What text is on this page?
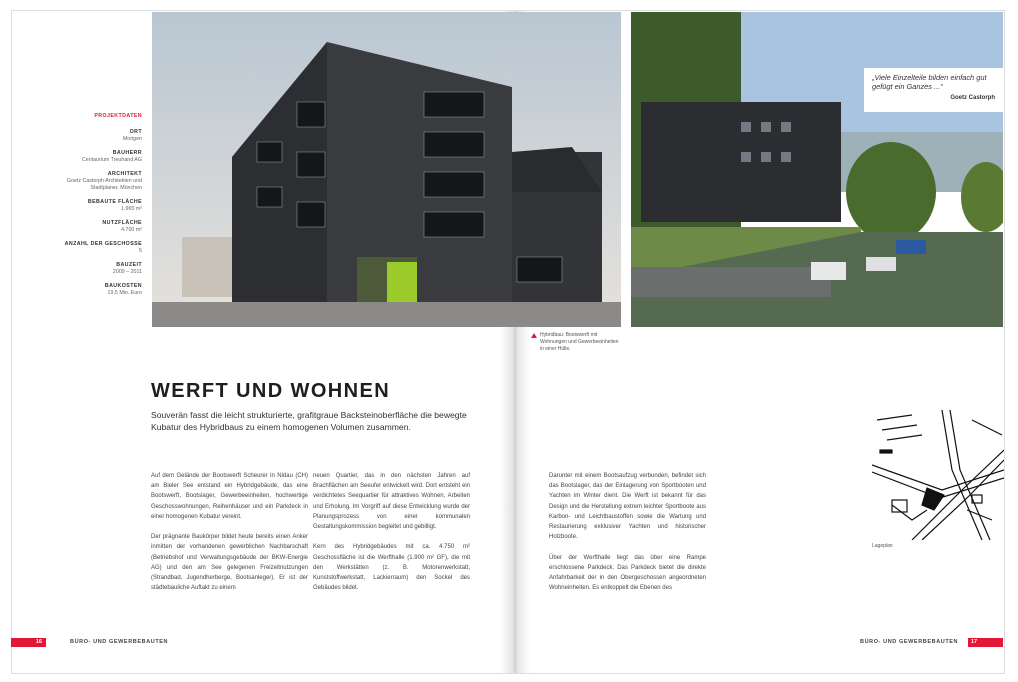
PROJEKTDATEN
ORT
Morigen
BAUHERR
Centaurium Treuhand AG
ARCHITEKT
Goetz Castorph Architekten und Stadtplaner, München
BEBAUTE FLÄCHE
1.965 m²
NUTZFLÄCHE
4.700 m²
ANZAHL DER GESCHOSSE
5
BAUZEIT
2009 – 2011
BAUKOSTEN
19,5 Mio. Euro
Hybridbau: Bootswerft mit Wohnungen und Gewerbeeinheiten in einer Hülle.
WERFT UND WOHNEN
Souverän fasst die leicht strukturierte, grafitgraue Backsteinoberfläche die bewegte Kubatur des Hybridbaus zu einem homogenen Volumen zusammen.

Auf dem Gelände der Bootswerft Scheurer in Nidau (CH) am Bieler See entstand ein Hybridgebäude, das eine Bootswerft, Bootslager, Gewerbeeinheiten, hochwertige Geschosswohnungen, Reihenhäuser und ein Parkdeck in einer homogenen Kubatur vereint.

Der prägnante Baukörper bildet heute bereits einen Anker inmitten der vorhandenen gewerblichen Nachbarschaft (Betriebshof und Verwaltungsgebäude der BKW-Energie AG) und den am See gelegenen Freizeitnutzungen (Strandbad, Jugendherberge, Bootsanleger). Er ist der städtebauliche Auftakt zu einem

neuen Quartier, das in den nächsten Jahren auf Brachflächen am Seeufer entwickelt wird. Dort entsteht ein verdichtetes Seequartier für attraktives Wohnen, Arbeiten und Erholung. Im Vorgriff auf diese Entwicklung wurde der Planungsprozess von einer kommunalen Gestaltungskommission begleitet und gebilligt.

Kern des Hybridgebäudes mit ca. 4.750 m² Geschossfläche ist die Werfthalle (1.900 m² GF), die mit den Werkstätten (z. B. Motorenwerkstatt, Kunststoffwerkstatt, Lackierraum) den Sockel des Gebäudes bildet.

Darunter mit einem Bootsaufzug verbunden, befindet sich das Bootslager, das der Einlagerung von Sportbooten und Yachten im Winter dient. Die Werft ist bekannt für das Design und die Herstellung extrem leichter Sportboote aus Karbon- und Leichtbaustoffen sowie die Wartung und Restaurierung exklusiver Yachten und historischer Holzboote.

Über der Werfthalle liegt das über eine Rampe erschlossene Parkdeck. Das Parkdeck bietet die direkte Anfahrbarkeit der in den Obergeschossen angeordneten Wohneinheiten. Es entkoppelt die Ebenen des

„Viele Einzelteile bilden einfach gut gefügt ein Ganzes ...“
Goetz Castorph
Lageplan
16	BÜRO- UND GEWERBEBAUTEN	BÜRO- UND GEWERBEBAUTEN	17
